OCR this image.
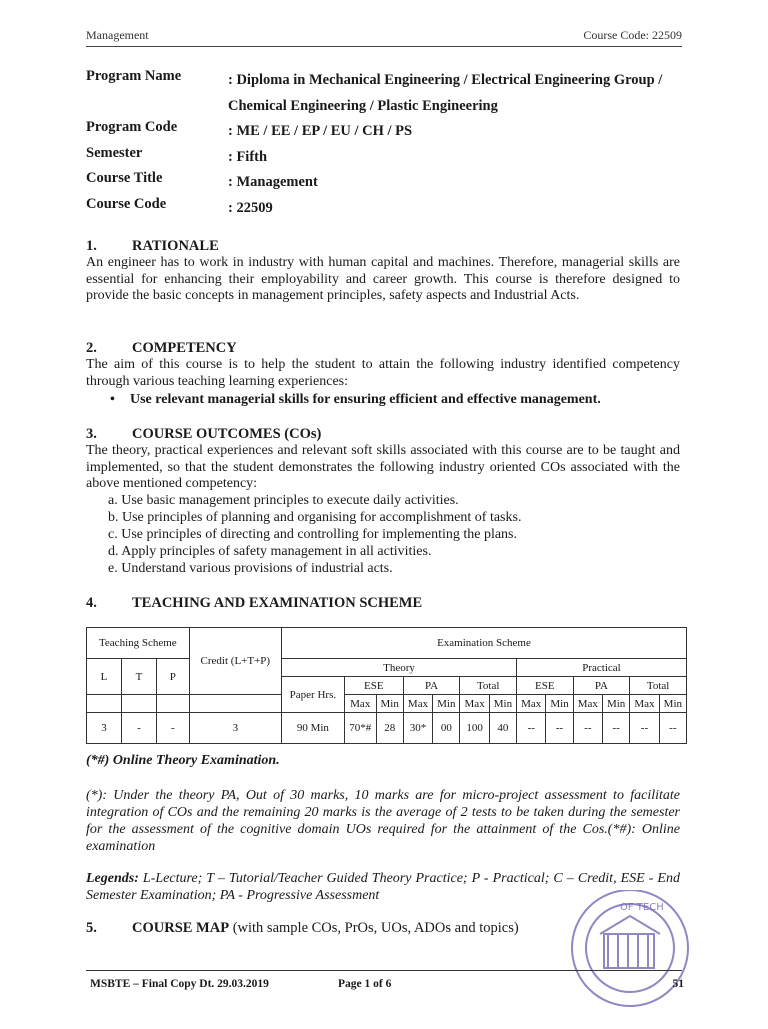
Management	Course Code: 22509
Program Name	: Diploma in Mechanical Engineering / Electrical Engineering Group / Chemical Engineering / Plastic Engineering
Program Code	: ME / EE / EP / EU / CH / PS
Semester	: Fifth
Course Title	: Management
Course Code	: 22509
1. RATIONALE
An engineer has to work in industry with human capital and machines. Therefore, managerial skills are essential for enhancing their employability and career growth. This course is therefore designed to provide the basic concepts in management principles, safety aspects and Industrial Acts.
2. COMPETENCY
The aim of this course is to help the student to attain the following industry identified competency through various teaching learning experiences:
• Use relevant managerial skills for ensuring efficient and effective management.
3. COURSE OUTCOMES (COs)
The theory, practical experiences and relevant soft skills associated with this course are to be taught and implemented, so that the student demonstrates the following industry oriented COs associated with the above mentioned competency:
a. Use basic management principles to execute daily activities.
b. Use principles of planning and organising for accomplishment of tasks.
c. Use principles of directing and controlling for implementing the plans.
d. Apply principles of safety management in all activities.
e. Understand various provisions of industrial acts.
4. TEACHING AND EXAMINATION SCHEME
Teaching Scheme			Credit (L+T+P)	Examination Scheme												
L	T	P		Theory							Practical					
				Paper Hrs.	ESE		PA		Total		ESE		PA		Total	
					Max	Min	Max	Min	Max	Min	Max	Min	Max	Min	Max	Min
3	-	-	3	90 Min	70*#	28	30*	00	100	40	--	--	--	--	--	--
(*#) Online Theory Examination.
(*): Under the theory PA, Out of 30 marks, 10 marks are for micro-project assessment to facilitate integration of COs and the remaining 20 marks is the average of 2 tests to be taken during the semester for the assessment of the cognitive domain UOs required for the attainment of the Cos.(*#): Online examination
Legends: L-Lecture; T – Tutorial/Teacher Guided Theory Practice; P - Practical; C – Credit, ESE - End Semester Examination; PA - Progressive Assessment
5. COURSE MAP (with sample COs, PrOs, UOs, ADOs and topics)
OF TECH
MSBTE – Final Copy Dt. 29.03.2019	Page 1 of 6	51
